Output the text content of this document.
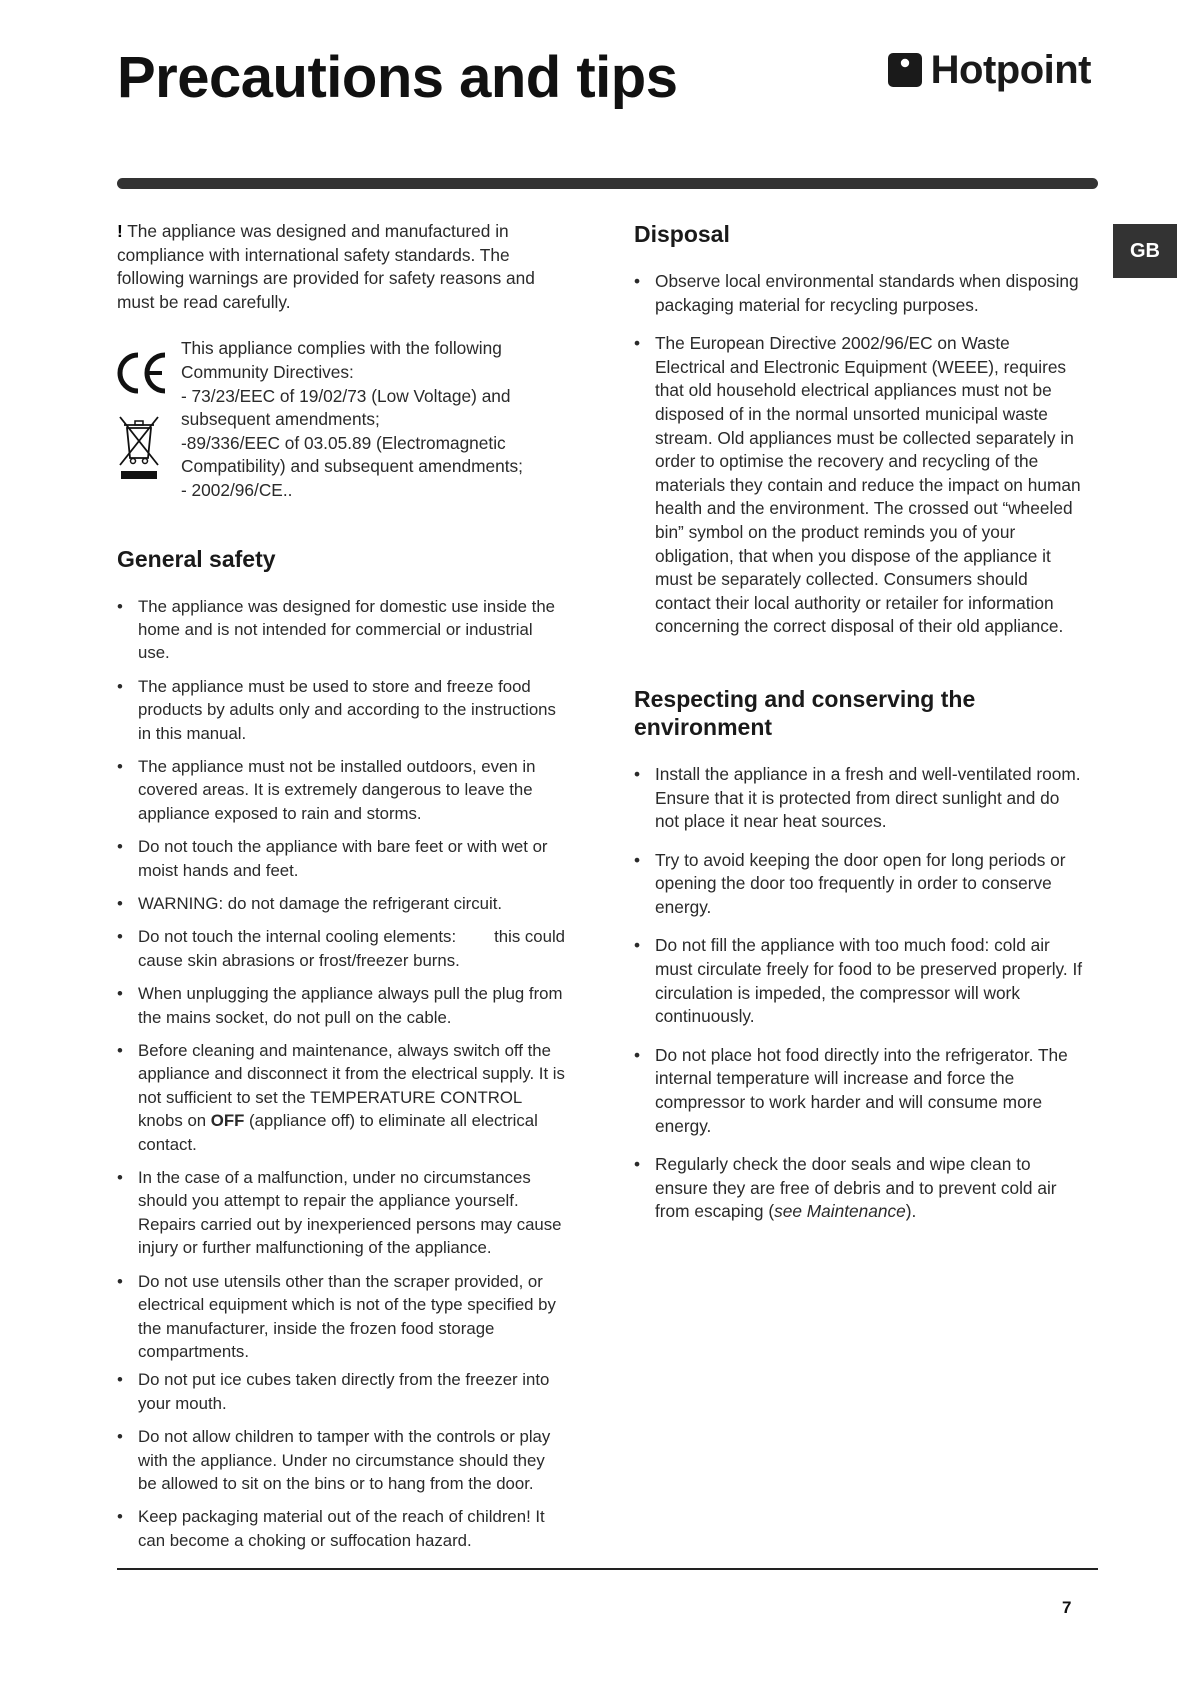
Precautions and tips	Hotpoint
GB

! The appliance was designed and manufactured in compliance with international safety standards. The following warnings are provided for safety reasons and must be read carefully.

This appliance complies with the following Community Directives:

- 73/23/EEC of 19/02/73 (Low Voltage) and subsequent amendments;

-89/336/EEC of 03.05.89 (Electromagnetic Compatibility) and subsequent amendments;

- 2002/96/CE..

General safety
• The appliance was designed for domestic use inside the home and is not intended for commercial or industrial use.
• The appliance must be used to store and freeze food products by adults only and according to the instructions in this manual.
• The appliance must not be installed outdoors, even in covered areas. It is extremely dangerous to leave the appliance exposed to rain and storms.
• Do not touch the appliance with bare feet or with wet or moist hands and feet.
• WARNING: do not damage the refrigerant circuit.
• Do not touch the internal cooling elements: this could cause skin abrasions or frost/freezer burns.
• When unplugging the appliance always pull the plug from the mains socket, do not pull on the cable.
• Before cleaning and maintenance, always switch off the appliance and disconnect it from the electrical supply. It is not sufficient to set the TEMPERATURE CONTROL knobs on OFF (appliance off) to eliminate all electrical contact.
• In the case of a malfunction, under no circumstances should you attempt to repair the appliance yourself. Repairs carried out by inexperienced persons may cause injury or further malfunctioning of the appliance.
• Do not use utensils other than the scraper provided, or electrical equipment which is not of the type specified by the manufacturer, inside the frozen food storage compartments.
• Do not put ice cubes taken directly from the freezer into your mouth.
• Do not allow children to tamper with the controls or play with the appliance. Under no circumstance should they be allowed to sit on the bins or to hang from the door.
• Keep packaging material out of the reach of children! It can become a choking or suffocation hazard.
Disposal
• Observe local environmental standards when disposing packaging material for recycling purposes.
• The European Directive 2002/96/EC on Waste Electrical and Electronic Equipment (WEEE), requires that old household electrical appliances must not be disposed of in the normal unsorted municipal waste stream. Old appliances must be collected separately in order to optimise the recovery and recycling of the materials they contain and reduce the impact on human health and the environment. The crossed out “wheeled bin” symbol on the product reminds you of your obligation, that when you dispose of the appliance it must be separately collected. Consumers should contact their local authority or retailer for information concerning the correct disposal of their old appliance.
Respecting and conserving the environment
• Install the appliance in a fresh and well-ventilated room. Ensure that it is protected from direct sunlight and do not place it near heat sources.
• Try to avoid keeping the door open for long periods or opening the door too frequently in order to conserve energy.
• Do not fill the appliance with too much food: cold air must circulate freely for food to be preserved properly. If circulation is impeded, the compressor will work continuously.
• Do not place hot food directly into the refrigerator. The internal temperature will increase and force the compressor to work harder and will consume more energy.
• Regularly check the door seals and wipe clean to ensure they are free of debris and to prevent cold air from escaping (see Maintenance).
7
